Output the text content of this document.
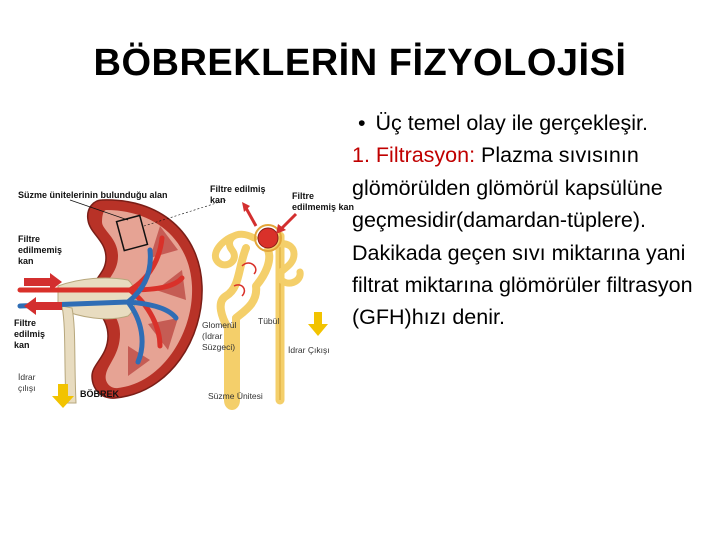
BÖBREKLERİN FİZYOLOJİSİ
Süzme ünitelerinin bulunduğu alan
Filtre edilmiş
kan	Filtre
edilmemiş kan
Filtre
edilmemiş
kan
Filtre
edilmiş
kan
İdrar
çılışı
BÖBREK
Glomerül
(İdrar
Süzgeci)
Tübül
İdrar Çıkışı
Süzme Ünitesi
• Üç temel olay ile gerçekleşir.

1. Filtrasyon: Plazma sıvısının glömörülden glömörül kapsülüne geçmesidir(damardan-tüplere). Dakikada geçen sıvı miktarına yani filtrat miktarına glömörüler filtrasyon (GFH)hızı denir.
